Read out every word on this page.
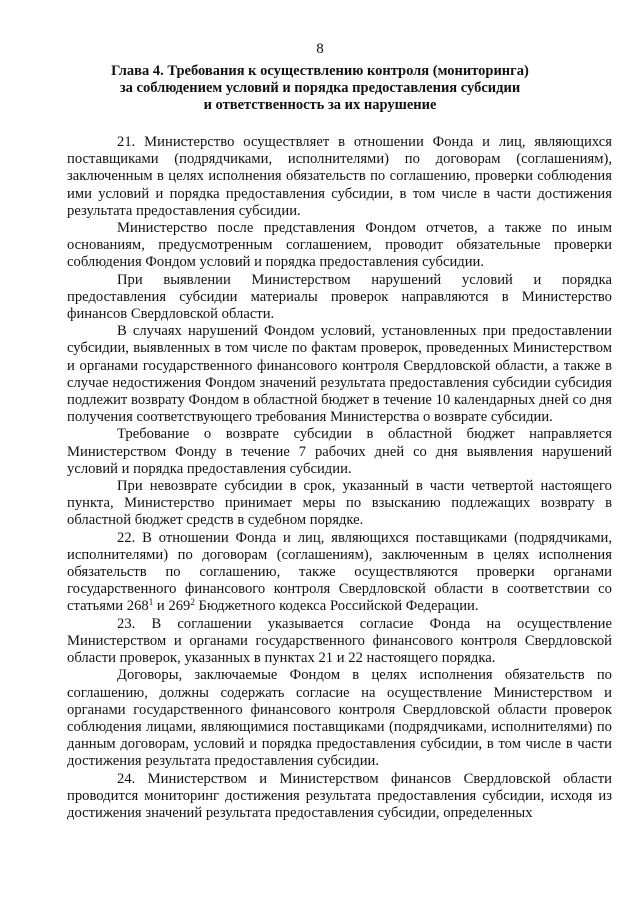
8
Глава 4. Требования к осуществлению контроля (мониторинга)
за соблюдением условий и порядка предоставления субсидии
и ответственность за их нарушение

21. Министерство осуществляет в отношении Фонда и лиц, являющихся поставщиками (подрядчиками, исполнителями) по договорам (соглашениям), заключенным в целях исполнения обязательств по соглашению, проверки соблюдения ими условий и порядка предоставления субсидии, в том числе в части достижения результата предоставления субсидии.

Министерство после представления Фондом отчетов, а также по иным основаниям, предусмотренным соглашением, проводит обязательные проверки соблюдения Фондом условий и порядка предоставления субсидии.

При выявлении Министерством нарушений условий и порядка предоставления субсидии материалы проверок направляются в Министерство финансов Свердловской области.

В случаях нарушений Фондом условий, установленных при предоставлении субсидии, выявленных в том числе по фактам проверок, проведенных Министерством и органами государственного финансового контроля Свердловской области, а также в случае недостижения Фондом значений результата предоставления субсидии субсидия подлежит возврату Фондом в областной бюджет в течение 10 календарных дней со дня получения соответствующего требования Министерства о возврате субсидии.

Требование о возврате субсидии в областной бюджет направляется Министерством Фонду в течение 7 рабочих дней со дня выявления нарушений условий и порядка предоставления субсидии.

При невозврате субсидии в срок, указанный в части четвертой настоящего пункта, Министерство принимает меры по взысканию подлежащих возврату в областной бюджет средств в судебном порядке.

22. В отношении Фонда и лиц, являющихся поставщиками (подрядчиками, исполнителями) по договорам (соглашениям), заключенным в целях исполнения обязательств по соглашению, также осуществляются проверки органами государственного финансового контроля Свердловской области в соответствии со статьями $268^1$ и $269^2$ Бюджетного кодекса Российской Федерации.

23. В соглашении указывается согласие Фонда на осуществление Министерством и органами государственного финансового контроля Свердловской области проверок, указанных в пунктах 21 и 22 настоящего порядка.

Договоры, заключаемые Фондом в целях исполнения обязательств по соглашению, должны содержать согласие на осуществление Министерством и органами государственного финансового контроля Свердловской области проверок соблюдения лицами, являющимися поставщиками (подрядчиками, исполнителями) по данным договорам, условий и порядка предоставления субсидии, в том числе в части достижения результата предоставления субсидии.

24. Министерством и Министерством финансов Свердловской области проводится мониторинг достижения результата предоставления субсидии, исходя из достижения значений результата предоставления субсидии, определенных
